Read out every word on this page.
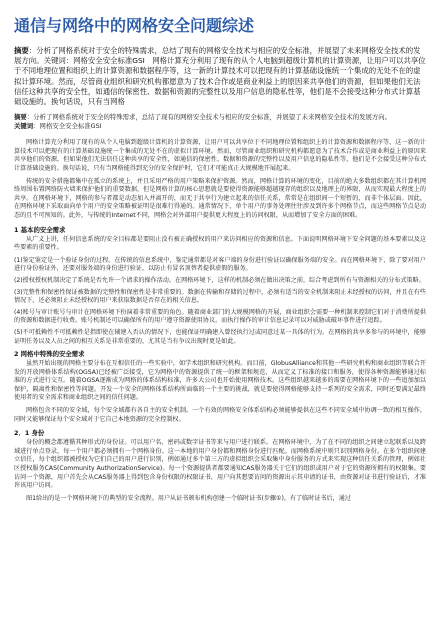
通信与网络中的网格安全问题综述
摘要：分析了网格系统对于安全的特殊需求，总结了现有的网格安全技术与相应的安全标准，并展望了未来网格安全技术的发展方向。关键词：网格安全安全标准GSI　网格计算充分利用了现有的从个人电脑到超级计算机的计算资源，让用户可以共享位于不同地理位置和组织上的计算资源和数据程序等，这一新的计算技术可以把现有的计算基础设施统一个集成的无处不在的虚拟计算环境。然而，尽管商业组织和研究机构都愿意为了技术合作或是商业利益上的原因来共享他们的资源，但如果他们无法信任这种共享的安全性，如通信的保密性、数据和资源的完整性以及用户信息的隐私性等，他们是不会接受这种分布式计算基础设施的。换句话说，只有当网格
摘要：分析了网格系统对于安全的特殊需求，总结了现有的网格安全技术与相应的安全标准，并展望了未来网格安全技术的发展方向。
关键词：网格安全安全标准GSI

网格计算充分利用了现有的从个人电脑到超级计算机的计算资源，让用户可以共享位于不同地理位置和组织上的计算资源和数据程序等，这一新的计算技术可以把现有的计算基础设施统一个集成的无处不在的虚拟计算环境。然而，尽管商业组织和研究机构都愿意为了技术合作或是商业利益上的原因来共享他们的资源，但如果他们无法信任这种共享的安全性，如通信的保密性、数据和资源的完整性以及用户信息的隐私性等，他们是不会接受这种分布式计算基础设施的。换句话说，只有当网格能得到充分的安全保护时，它们才可能真正大规模地开展起来。

传统的安全措施都集中在孤立的系统上，并且采用严格的用户策略来保护资源。然而，网格计算的环境的变化，目前的绝大多数组织都在其计算机网络周围布置网络防火墙来保护他们的重要数据，但是网格计算的核心思想就是要使得资源能够超越现存的组织以及地理上的界限，从而实现最大程度上的共享。在网格环境下，网格的参与者都是动态加入并离开的，而无于共享行为建立起来的信任关系，常常是在组织间一个短暂的、而非个体层面。因此，在网格环境下采取面向单个用户的安全策略被证明是很难行得通的。通常情况下，单个用户的事务处理往往涉及到许多个网格节点，而这些网格节点是动态的且不可预知的。此外，与传统的Internet不同，网格会对外部用户提供更大程度上的访问权限，从而增加了安全方面的困难。

1 基本的安全需求

从广义上讲，任何信息系统的安全目标都是要阻止没有被正确授权的用户来访问相应的资源和信息。下面说明网格环境下安全问题的基本要素以及这些要素的重要性。

(1)鉴定鉴定是一个验证身份的过程。在传统的信息系统中，鉴定通常都是对客户端的身份进行验证以确保服务端的安全。而在网格环境下，除了要对用户进行身份验证外，还要对服务端的身份进行验证，以防止有冒名顶替者提供虚假的服务。

(2)授权授权机制决定了系统是否允许一个请求的操作活动。在网格环境下，这样的机制必须在做出决策之前，综合考虑到所有与资源相关的分布式策略。

(3)完整性和保密性保证被数据的完整性和保密性是非常重要的。数据在传输和存储的过程中，必须有适当的安全机制来阻止未经授权的访问，并且在有些情况下，还必须阻止未经授权的用户来获取数据是否存在的相关信息。

(4)账号与审计账号与审计在网格环境下扮演着非常重要的角色。随着商业部门的大规模网格的开展，商业组织会需要一种机制来控制它们对于消费所提供的资源和数据进行收费。账号机制还可以确保所有的用户遵守资源使用协议。而执行操作的审计信息记录可以对威胁或破坏事件进行追踪。

(5)不可抵赖性不可抵赖性是指即使在辅建入否认的情况下，也能保证明确建入曾经执行过或同意过某一具体的行为。在网格的共享多参与的环境中，能够证明任务以及人员之间的相互关系是非常重要的，尤其是当有争议出现时更是如此。

2 网格中特殊的安全需求

虽然开始出现的网格主要分布在互相信任的一些实验中，如学术组织和研究机构。而目前，GlobusAlliance和其他一些研究机构和商业组织等联合开发的开放网格体系结构(OGSA)已经被广泛接受，它为网格中的资源提供了统一的框架和规范，从而定义了标准的接口和服务，使得各种资源能够通过标准的方式进行交互。随着OGSA逐渐成为网格的体系结构标准，许多大公司也开始使用网格技术。这些组织越来越多的需要在网格环境下的一些追加加以保护，隔离性和保密性等问题。开发一个安全的网格体系结构所面临的一个主要的挑战，就是要使得网格能够支持一系列的安全需求，同时还要满足最终使用者的安全需求和商业组织之间的信任问题。

网格包含不同的安全域，每个安全域都有各自主的安全机制。一个有效的网格安全体系结构必须能够提供在这些不同安全域中协调一致的相互操作，同时又能够保证每个安全域对于它自己本地资源的完全控制权。

2．1 身份

身份的概念都遵循其种形式的身份证。可以用户名、密码或数字证书等来与用户进行联系。在网格环境中，为了在不同的组织之间建立起联系以及跨域进行单点登录，每一个用户都必须拥有一个网格身份。这一本地的用户身份都和网格身份进行匹配。而网格系统中则只识别网格身份。在多个组织间建立信任，每个组织都被授权为它们自己的用户进行识别，例如通过多个第三方的虚拟组织会采取集中身份服务的方式来实现这种信任关系的管理，例如社区授权服务CAS(Community AuthorizationService)。每一个资源提供者都要通知CAS服务器关于它们的组织或用户对于它的资源所拥有的权限集。要访问一个资源，用户首先会从CAS服务器上得到包含身份权限的权限证书，用户向其想要访问的资源出示其申请的证书，由资源对证书进行验证后，才准许该用户访问。

图1给出的是一个网格环境下的典型的安全流程。用户从证书颁布机构创建一个临时证书(步骤①)，有了临时证书后，通过
